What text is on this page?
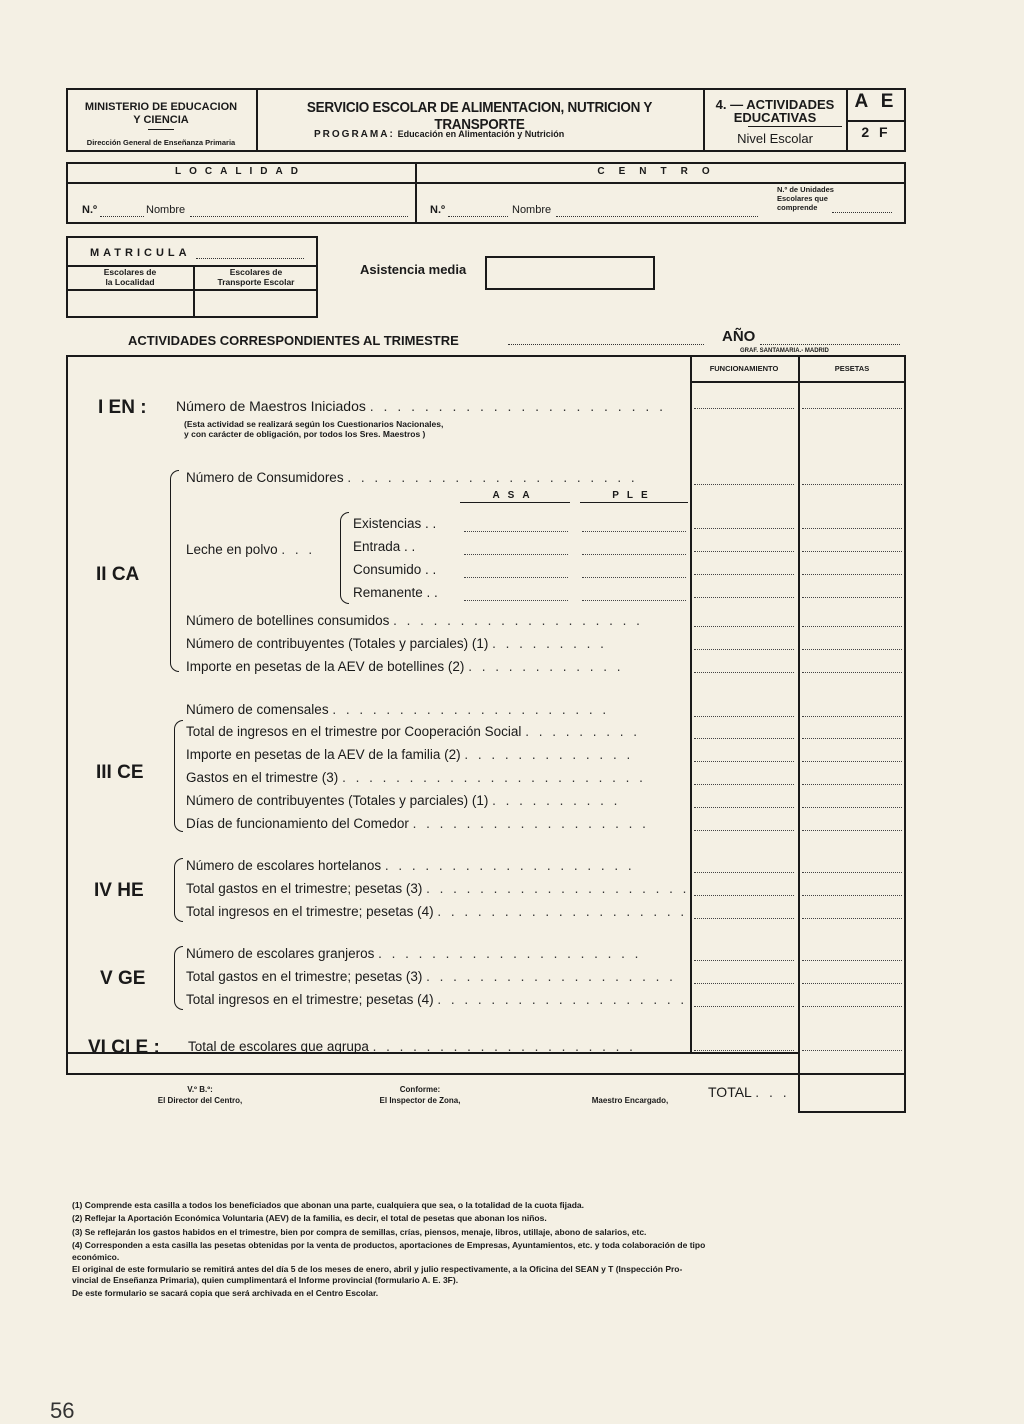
MINISTERIO DE EDUCACION
Y CIENCIA
Dirección General de Enseñanza Primaria
SERVICIO ESCOLAR DE ALIMENTACION, NUTRICION Y TRANSPORTE
PROGRAMA: Educación en Alimentación y Nutrición
4. — ACTIVIDADES
EDUCATIVAS
Nivel Escolar
A E
2 F
LOCALIDAD	CENTRO
N.º	Nombre	N.º	Nombre
N.º de Unidades
Escolares que
comprende
MATRICULA
Escolares de
la Localidad
Escolares de
Transporte Escolar
Asistencia media
ACTIVIDADES CORRESPONDIENTES AL TRIMESTRE	AÑO
GRAF. SANTAMARIA.- MADRID
FUNCIONAMIENTO	PESETAS
I EN : Número de Maestros Iniciados . . . . . . . . . . . . . . . . . . . . . .
(Esta actividad se realizará según los Cuestionarios Nacionales,
y con carácter de obligación, por todos los Sres. Maestros )
II CA
Número de Consumidores . . . . . . . . . . . . . . . . . . . . . .
ASA	PLE
Leche en polvo . . .
Existencias . .
Entrada . .
Consumido . .
Remanente . .
Número de botellines consumidos . . . . . . . . . . . . . . . . . . .
Número de contribuyentes (Totales y parciales) (1) . . . . . . . . .
Importe en pesetas de la AEV de botellines (2) . . . . . . . . . . . .
III CE
Número de comensales . . . . . . . . . . . . . . . . . . . . .
Total de ingresos en el trimestre por Cooperación Social . . . . . . . . .
Importe en pesetas de la AEV de la familia (2) . . . . . . . . . . . . .
Gastos en el trimestre (3) . . . . . . . . . . . . . . . . . . . . . . .
Número de contribuyentes (Totales y parciales) (1) . . . . . . . . . .
Días de funcionamiento del Comedor . . . . . . . . . . . . . . . . . .
IV HE
Número de escolares hortelanos . . . . . . . . . . . . . . . . . . .
Total gastos en el trimestre; pesetas (3) . . . . . . . . . . . . . . . . . . . .
Total ingresos en el trimestre; pesetas (4) . . . . . . . . . . . . . . . . . . .
V GE
Número de escolares granjeros . . . . . . . . . . . . . . . . . . . .
Total gastos en el trimestre; pesetas (3) . . . . . . . . . . . . . . . . . . .
Total ingresos en el trimestre; pesetas (4) . . . . . . . . . . . . . . . . . . .
VI CI E : Total de escolares que agrupa . . . . . . . . . . . . . . . . . . . .
V.º B.º:
El Director del Centro,
Conforme:
El Inspector de Zona,	Maestro Encargado,
TOTAL . . .
(1) Comprende esta casilla a todos los beneficiados que abonan una parte, cualquiera que sea, o la totalidad de la cuota fijada.
(2) Reflejar la Aportación Económica Voluntaria (AEV) de la familia, es decir, el total de pesetas que abonan los niños.
(3) Se reflejarán los gastos habidos en el trimestre, bien por compra de semillas, crías, piensos, menaje, libros, utillaje, abono de salarios, etc.
(4) Corresponden a esta casilla las pesetas obtenidas por la venta de productos, aportaciones de Empresas, Ayuntamientos, etc. y toda colaboración de tipo
económico.
El original de este formulario se remitirá antes del día 5 de los meses de enero, abril y julio respectivamente, a la Oficina del SEAN y T (Inspección Pro-
vincial de Enseñanza Primaria), quien cumplimentará el Informe provincial (formulario A. E. 3F).
De este formulario se sacará copia que será archivada en el Centro Escolar.
56
